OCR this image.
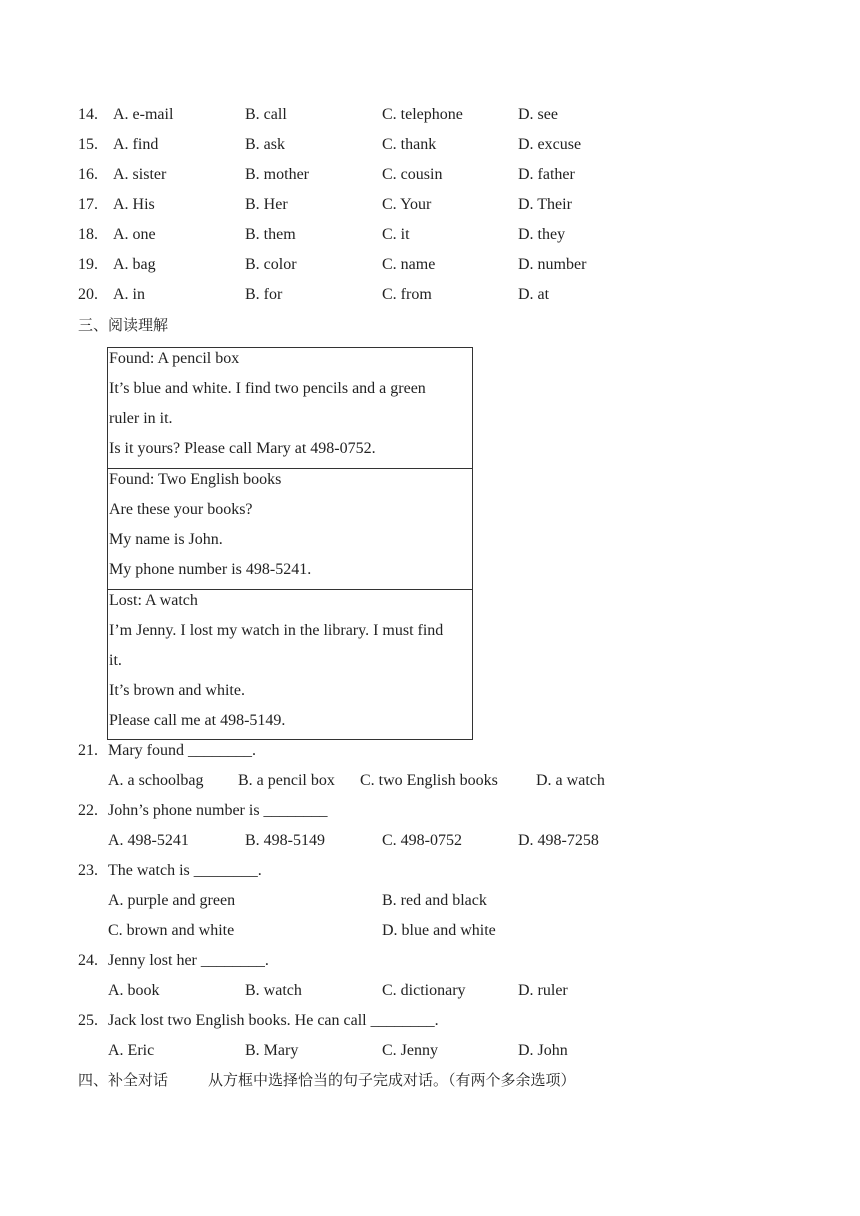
14. A. e-mail	B. call	C. telephone	D. see
15. A. find	B. ask	C. thank	D. excuse
16. A. sister	B. mother	C. cousin	D. father
17. A. His	B. Her	C. Your	D. Their
18. A. one	B. them	C. it	D. they
19. A. bag	B. color	C. name	D. number
20. A. in	B. for	C. from	D. at
三、阅读理解
Found: A pencil box
It’s blue and white. I find two pencils and a green
ruler in it.
Is it yours? Please call Mary at 498-0752.
Found: Two English books
Are these your books?
My name is John.
My phone number is 498-5241.
Lost: A watch
I’m Jenny. I lost my watch in the library. I must find
it.
It’s brown and white.
Please call me at 498-5149.
21. Mary found ________.
A. a schoolbag B. a pencil box C. two English books D. a watch
22. John’s phone number is ________
A. 498-5241	B. 498-5149	C. 498-0752	D. 498-7258
23. The watch is ________.
A. purple and green	B. red and black
C. brown and white	D. blue and white
24. Jenny lost her ________.
A. book	B. watch	C. dictionary	D. ruler
25. Jack lost two English books. He can call ________.
A. Eric	B. Mary	C. Jenny	D. John
四、补全对话	从方框中选择恰当的句子完成对话。（有两个多余选项）
